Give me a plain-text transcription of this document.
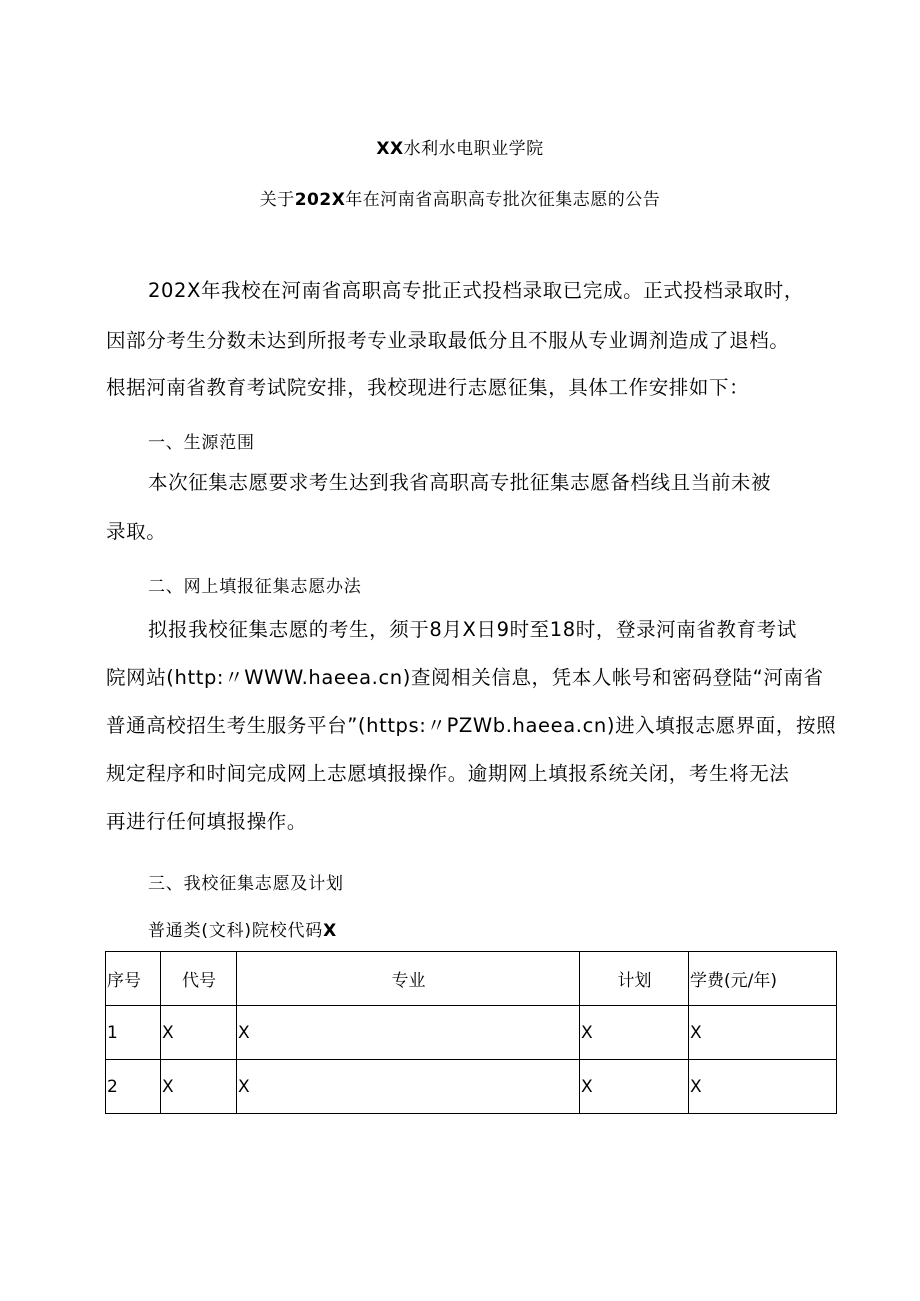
XX水利水电职业学院
关于202X年在河南省高职高专批次征集志愿的公告
202X年我校在河南省高职高专批正式投档录取已完成。正式投档录取时，
因部分考生分数未达到所报考专业录取最低分且不服从专业调剂造成了退档。
根据河南省教育考试院安排，我校现进行志愿征集，具体工作安排如下：
一、生源范围
本次征集志愿要求考生达到我省高职高专批征集志愿备档线且当前未被
录取。
二、网上填报征集志愿办法
拟报我校征集志愿的考生，须于8月X日9时至18时，登录河南省教育考试
院网站(http:〃WWW.haeea.cn)查阅相关信息，凭本人帐号和密码登陆“河南省
普通高校招生考生服务平台”(https:〃PZWb.haeea.cn)进入填报志愿界面，按照
规定程序和时间完成网上志愿填报操作。逾期网上填报系统关闭，考生将无法
再进行任何填报操作。
三、我校征集志愿及计划
普通类(文科)院校代码X
序号	代号	专业	计划	学费(元/年)
1	X	X	X	X
2	X	X	X	X
